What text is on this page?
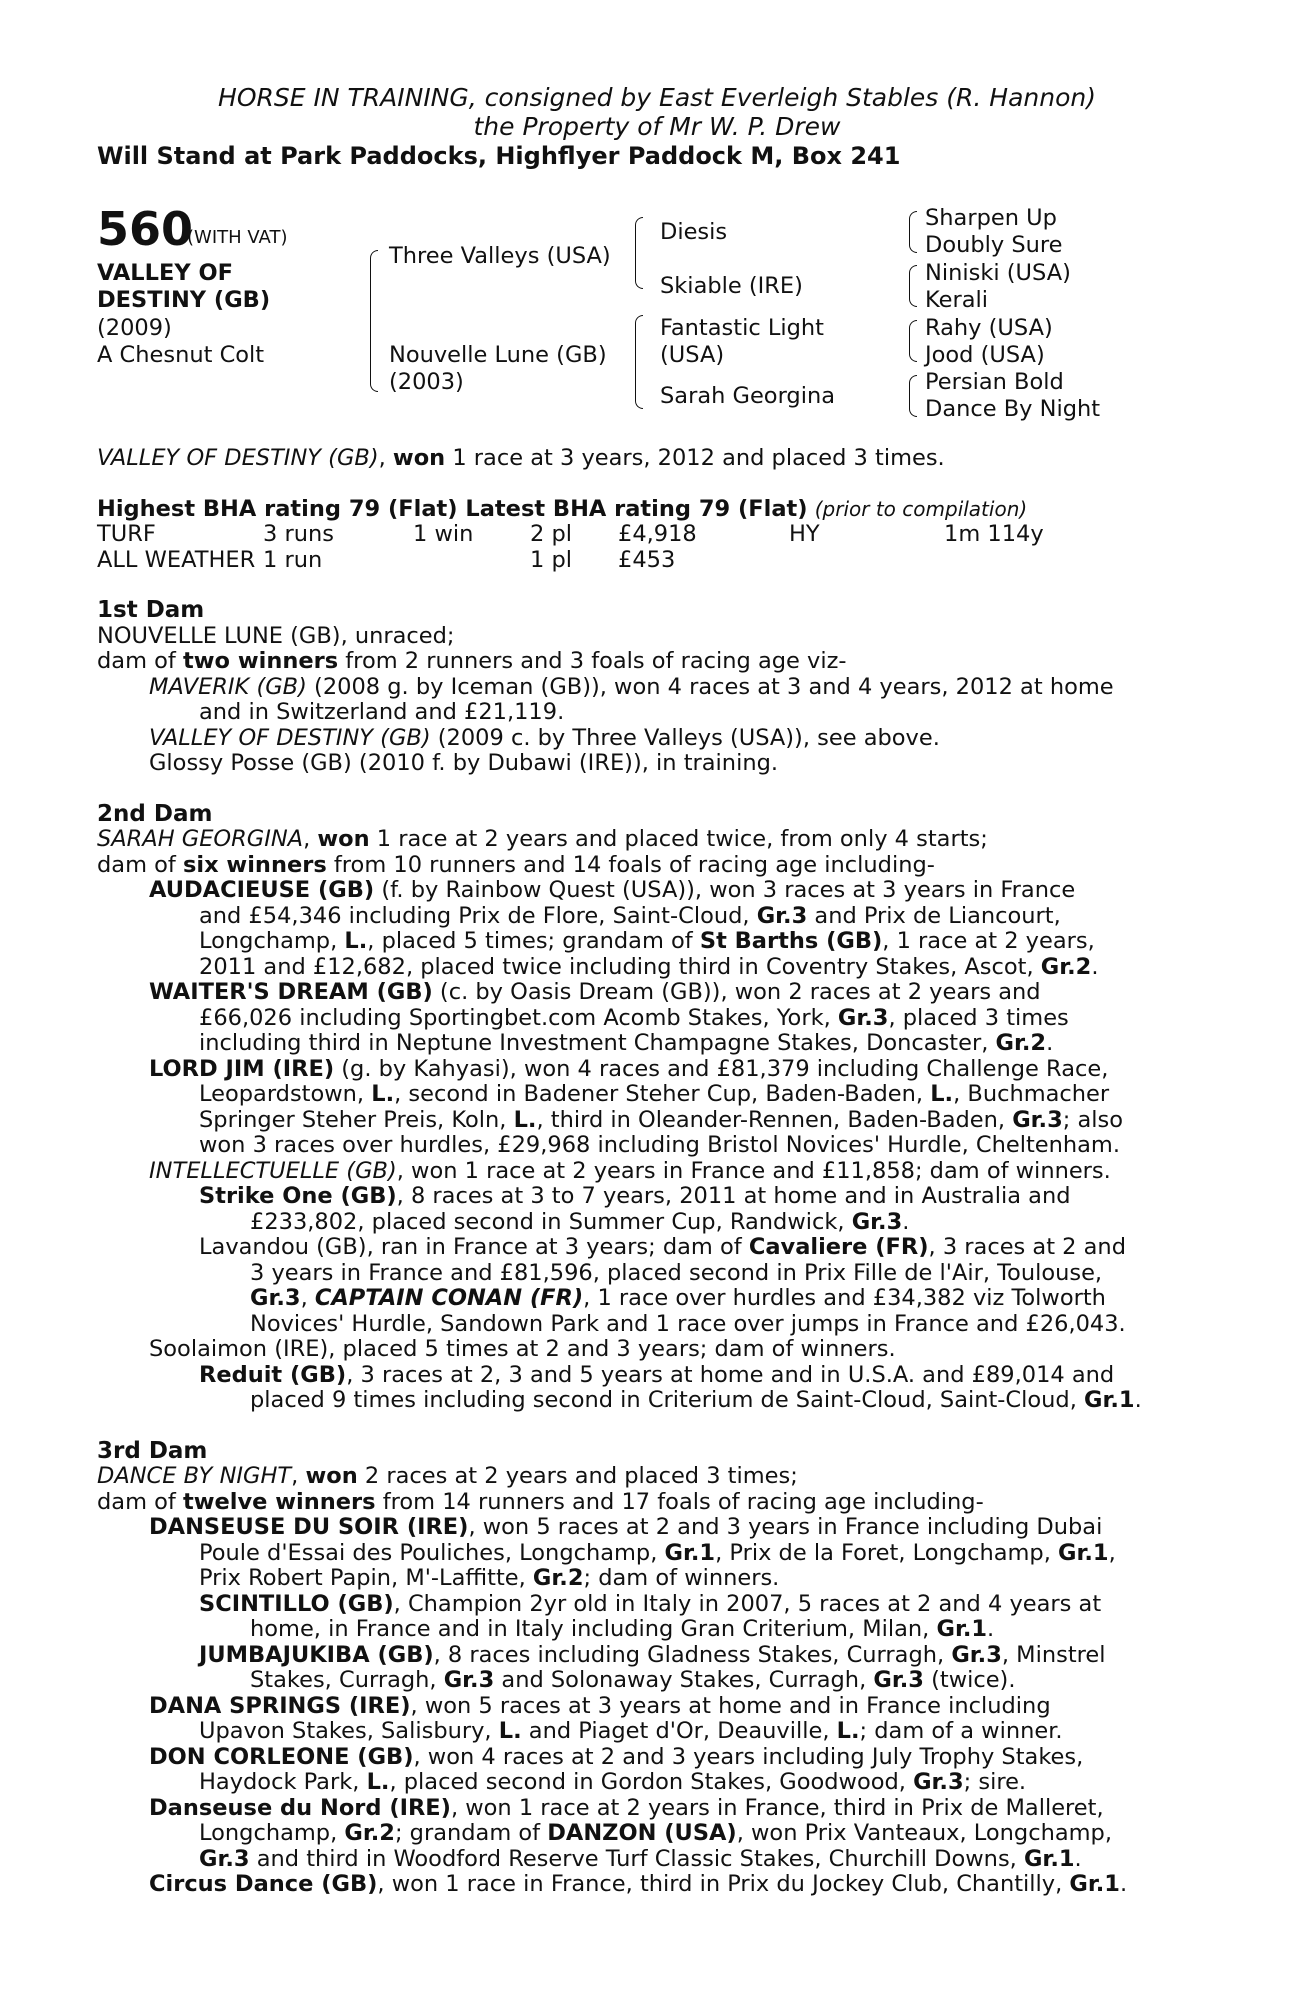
HORSE IN TRAINING, consigned by East Everleigh Stables (R. Hannon)
the Property of Mr W. P. Drew
Will Stand at Park Paddocks, Highflyer Paddock M, Box 241
560
(WITH VAT)
VALLEY OF
DESTINY (GB)
(2009)
A Chesnut Colt
Three Valleys (USA)
Nouvelle Lune (GB)
(2003)
Diesis
Skiable (IRE)
Fantastic Light
(USA)
Sarah Georgina
Sharpen Up
Doubly Sure
Niniski (USA)
Kerali
Rahy (USA)
Jood (USA)
Persian Bold
Dance By Night
VALLEY OF DESTINY (GB), won 1 race at 3 years, 2012 and placed 3 times.
Highest BHA rating 79 (Flat) Latest BHA rating 79 (Flat) (prior to compilation)
TURF	3 runs	1 win	2 pl £4,918	HY	1m 114y
ALL WEATHER 1 run	1 pl £453
1st Dam
NOUVELLE LUNE (GB), unraced;
dam of two winners from 2 runners and 3 foals of racing age viz-
MAVERIK (GB) (2008 g. by Iceman (GB)), won 4 races at 3 and 4 years, 2012 at home
and in Switzerland and £21,119.
VALLEY OF DESTINY (GB) (2009 c. by Three Valleys (USA)), see above.
Glossy Posse (GB) (2010 f. by Dubawi (IRE)), in training.
2nd Dam
SARAH GEORGINA, won 1 race at 2 years and placed twice, from only 4 starts;
dam of six winners from 10 runners and 14 foals of racing age including-
AUDACIEUSE (GB) (f. by Rainbow Quest (USA)), won 3 races at 3 years in France
and £54,346 including Prix de Flore, Saint-Cloud, Gr.3 and Prix de Liancourt,
Longchamp, L., placed 5 times; grandam of St Barths (GB), 1 race at 2 years,
2011 and £12,682, placed twice including third in Coventry Stakes, Ascot, Gr.2.
WAITER'S DREAM (GB) (c. by Oasis Dream (GB)), won 2 races at 2 years and
£66,026 including Sportingbet.com Acomb Stakes, York, Gr.3, placed 3 times
including third in Neptune Investment Champagne Stakes, Doncaster, Gr.2.
LORD JIM (IRE) (g. by Kahyasi), won 4 races and £81,379 including Challenge Race,
Leopardstown, L., second in Badener Steher Cup, Baden-Baden, L., Buchmacher
Springer Steher Preis, Koln, L., third in Oleander-Rennen, Baden-Baden, Gr.3; also
won 3 races over hurdles, £29,968 including Bristol Novices' Hurdle, Cheltenham.
INTELLECTUELLE (GB), won 1 race at 2 years in France and £11,858; dam of winners.
Strike One (GB), 8 races at 3 to 7 years, 2011 at home and in Australia and
£233,802, placed second in Summer Cup, Randwick, Gr.3.
Lavandou (GB), ran in France at 3 years; dam of Cavaliere (FR), 3 races at 2 and
3 years in France and £81,596, placed second in Prix Fille de l'Air, Toulouse,
Gr.3, CAPTAIN CONAN (FR), 1 race over hurdles and £34,382 viz Tolworth
Novices' Hurdle, Sandown Park and 1 race over jumps in France and £26,043.
Soolaimon (IRE), placed 5 times at 2 and 3 years; dam of winners.
Reduit (GB), 3 races at 2, 3 and 5 years at home and in U.S.A. and £89,014 and
placed 9 times including second in Criterium de Saint-Cloud, Saint-Cloud, Gr.1.
3rd Dam
DANCE BY NIGHT, won 2 races at 2 years and placed 3 times;
dam of twelve winners from 14 runners and 17 foals of racing age including-
DANSEUSE DU SOIR (IRE), won 5 races at 2 and 3 years in France including Dubai
Poule d'Essai des Pouliches, Longchamp, Gr.1, Prix de la Foret, Longchamp, Gr.1,
Prix Robert Papin, M'-Laffitte, Gr.2; dam of winners.
SCINTILLO (GB), Champion 2yr old in Italy in 2007, 5 races at 2 and 4 years at
home, in France and in Italy including Gran Criterium, Milan, Gr.1.
JUMBAJUKIBA (GB), 8 races including Gladness Stakes, Curragh, Gr.3, Minstrel
Stakes, Curragh, Gr.3 and Solonaway Stakes, Curragh, Gr.3 (twice).
DANA SPRINGS (IRE), won 5 races at 3 years at home and in France including
Upavon Stakes, Salisbury, L. and Piaget d'Or, Deauville, L.; dam of a winner.
DON CORLEONE (GB), won 4 races at 2 and 3 years including July Trophy Stakes,
Haydock Park, L., placed second in Gordon Stakes, Goodwood, Gr.3; sire.
Danseuse du Nord (IRE), won 1 race at 2 years in France, third in Prix de Malleret,
Longchamp, Gr.2; grandam of DANZON (USA), won Prix Vanteaux, Longchamp,
Gr.3 and third in Woodford Reserve Turf Classic Stakes, Churchill Downs, Gr.1.
Circus Dance (GB), won 1 race in France, third in Prix du Jockey Club, Chantilly, Gr.1.
